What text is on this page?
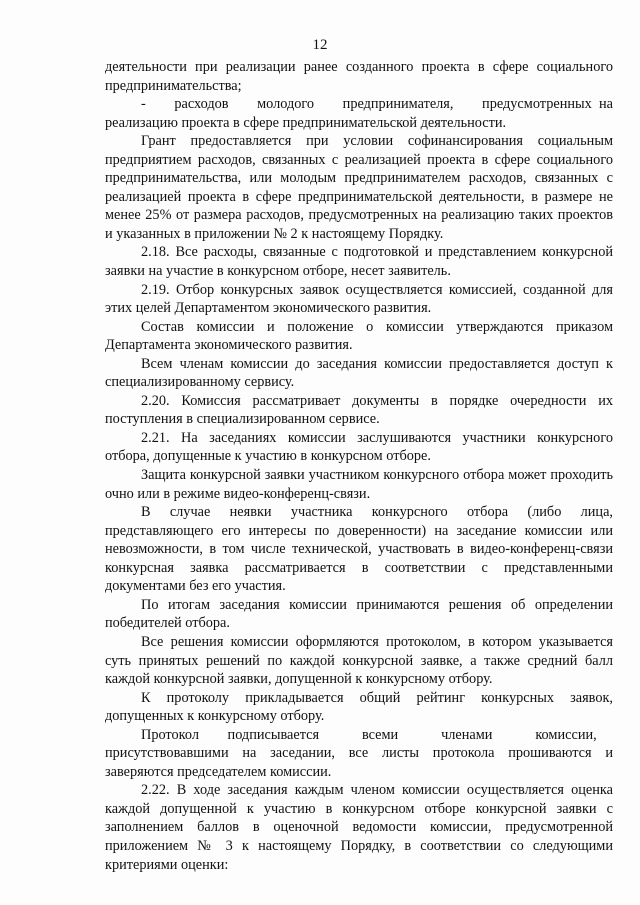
12

деятельности при реализации ранее созданного проекта в сфере социального предпринимательства;

-  расходов  молодого  предпринимателя,  предусмотренных на реализацию проекта в сфере предпринимательской деятельности.

Грант предоставляется при условии софинансирования социальным предприятием расходов, связанных с реализацией проекта в сфере социального предпринимательства, или молодым предпринимателем расходов, связанных с реализацией проекта в сфере предпринимательской деятельности, в размере не менее 25% от размера расходов, предусмотренных на реализацию таких проектов и указанных в приложении № 2 к настоящему Порядку.

2.18. Все расходы, связанные с подготовкой и представлением конкурсной заявки на участие в конкурсном отборе, несет заявитель.

2.19. Отбор конкурсных заявок осуществляется комиссией, созданной для этих целей Департаментом экономического развития.

Состав комиссии и положение о комиссии утверждаются приказом Департамента экономического развития.

Всем членам комиссии до заседания комиссии предоставляется доступ к специализированному сервису.

2.20. Комиссия рассматривает документы в порядке очередности их поступления в специализированном сервисе.

2.21. На заседаниях комиссии заслушиваются участники конкурсного отбора, допущенные к участию в конкурсном отборе.

Защита конкурсной заявки участником конкурсного отбора может проходить очно или в режиме видео-конференц-связи.

В случае неявки участника конкурсного отбора (либо лица, представляющего его интересы по доверенности) на заседание комиссии или невозможности, в том числе технической, участвовать в видео-конференц-связи конкурсная заявка рассматривается в соответствии с представленными документами без его участия.

По итогам заседания комиссии принимаются решения об определении победителей отбора.

Все решения комиссии оформляются протоколом, в котором указывается суть принятых решений по каждой конкурсной заявке, а также средний балл каждой конкурсной заявки, допущенной к конкурсному отбору.

К протоколу прикладывается общий рейтинг конкурсных заявок, допущенных к конкурсному отбору.

Протокол  подписывается   всеми   членами   комиссии, присутствовавшими на заседании, все листы протокола прошиваются и заверяются председателем комиссии.

2.22. В ходе заседания каждым членом комиссии осуществляется оценка каждой допущенной к участию в конкурсном отборе конкурсной заявки с заполнением баллов в оценочной ведомости комиссии, предусмотренной приложением № 3 к настоящему Порядку, в соответствии со следующими критериями оценки:
